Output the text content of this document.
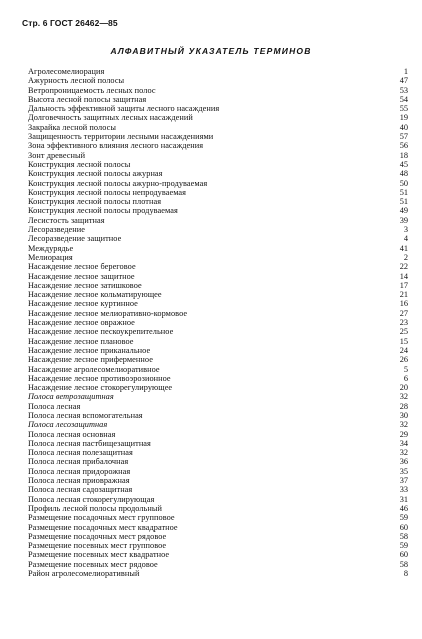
Стр. 6 ГОСТ 26462—85
АЛФАВИТНЫЙ УКАЗАТЕЛЬ ТЕРМИНОВ
Агролесомелиорация	1
Ажурность лесной полосы	47
Ветропроницаемость лесных полос	53
Высота лесной полосы защитная	54
Дальность эффективной защиты лесного насаждения	55
Долговечность защитных лесных насаждений	19
Закрайка лесной полосы	40
Защищенность территории лесными насаждениями	57
Зона эффективного влияния лесного насаждения	56
Зонт древесный	18
Конструкция лесной полосы	45
Конструкция лесной полосы ажурная	48
Конструкция лесной полосы ажурно-продуваемая	50
Конструкция лесной полосы непродуваемая	51
Конструкция лесной полосы плотная	51
Конструкция лесной полосы продуваемая	49
Лесистость защитная	39
Лесоразведение	3
Лесоразведение защитное	4
Междурядье	41
Мелиорация	2
Насаждение лесное береговое	22
Насаждение лесное защитное	14
Насаждение лесное затишковое	17
Насаждение лесное кольматирующее	21
Насаждение лесное куртинное	16
Насаждение лесное мелиоративно-кормовое	27
Насаждение лесное овражное	23
Насаждение лесное пескоукрепительное	25
Насаждение лесное плановое	15
Насаждение лесное приканальное	24
Насаждение лесное приферменное	26
Насаждение агролесомелиоративное	5
Насаждение лесное противоэрозионное	6
Насаждение лесное стокорегулирующее	20
Полоса ветрозащитная	32
Полоса лесная	28
Полоса лесная вспомогательная	30
Полоса лесозащитная	32
Полоса лесная основная	29
Полоса лесная пастбищезащитная	34
Полоса лесная полезащитная	32
Полоса лесная прибалочная	36
Полоса лесная придорожная	35
Полоса лесная приовражная	37
Полоса лесная садозащитная	33
Полоса лесная стокорегулирующая	31
Профиль лесной полосы продольный	46
Размещение посадочных мест групповое	59
Размещение посадочных мест квадратное	60
Размещение посадочных мест рядовое	58
Размещение посевных мест групповое	59
Размещение посевных мест квадратное	60
Размещение посевных мест рядовое	58
Район агролесомелиоративный	8
